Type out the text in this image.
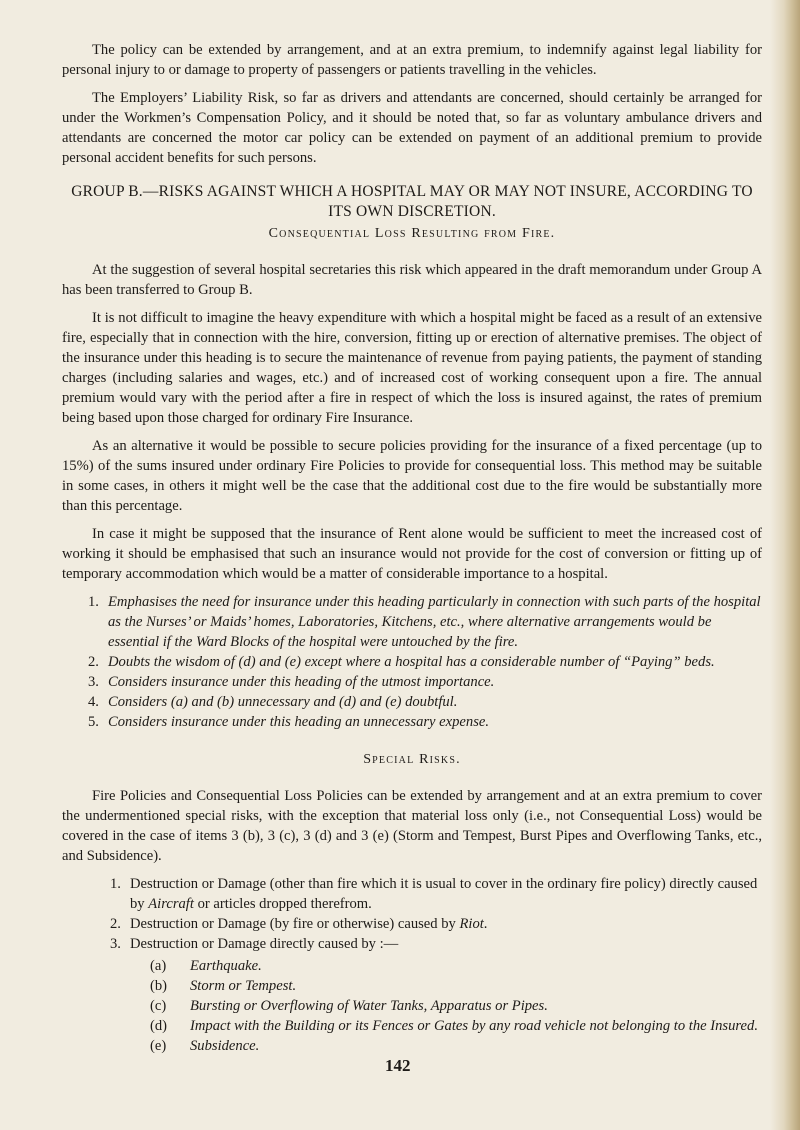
The policy can be extended by arrangement, and at an extra premium, to indemnify against legal liability for personal injury to or damage to property of passengers or patients travelling in the vehicles.

The Employers’ Liability Risk, so far as drivers and attendants are concerned, should certainly be arranged for under the Workmen’s Compensation Policy, and it should be noted that, so far as voluntary ambulance drivers and attendants are concerned the motor car policy can be extended on payment of an additional premium to provide personal accident benefits for such persons.

GROUP B.—RISKS AGAINST WHICH A HOSPITAL MAY OR MAY NOT INSURE, ACCORDING TO ITS OWN DISCRETION.
Consequential Loss Resulting from Fire.

At the suggestion of several hospital secretaries this risk which appeared in the draft memorandum under Group A has been transferred to Group B.

It is not difficult to imagine the heavy expenditure with which a hospital might be faced as a result of an extensive fire, especially that in connection with the hire, conversion, fitting up or erection of alternative premises. The object of the insurance under this heading is to secure the maintenance of revenue from paying patients, the payment of standing charges (including salaries and wages, etc.) and of increased cost of working consequent upon a fire. The annual premium would vary with the period after a fire in respect of which the loss is insured against, the rates of premium being based upon those charged for ordinary Fire Insurance.

As an alternative it would be possible to secure policies providing for the insurance of a fixed percentage (up to 15%) of the sums insured under ordinary Fire Policies to provide for consequential loss. This method may be suitable in some cases, in others it might well be the case that the additional cost due to the fire would be substantially more than this percentage.

In case it might be supposed that the insurance of Rent alone would be sufficient to meet the increased cost of working it should be emphasised that such an insurance would not provide for the cost of conversion or fitting up of temporary accommodation which would be a matter of considerable importance to a hospital.

1. Emphasises the need for insurance under this heading particularly in connection with such parts of the hospital as the Nurses’ or Maids’ homes, Laboratories, Kitchens, etc., where alternative arrangements would be essential if the Ward Blocks of the hospital were untouched by the fire.
2. Doubts the wisdom of (d) and (e) except where a hospital has a considerable number of “Paying” beds.
3. Considers insurance under this heading of the utmost importance.
4. Considers (a) and (b) unnecessary and (d) and (e) doubtful.
5. Considers insurance under this heading an unnecessary expense.
Special Risks.

Fire Policies and Consequential Loss Policies can be extended by arrangement and at an extra premium to cover the undermentioned special risks, with the exception that material loss only (i.e., not Consequential Loss) would be covered in the case of items 3 (b), 3 (c), 3 (d) and 3 (e) (Storm and Tempest, Burst Pipes and Overflowing Tanks, etc., and Subsidence).

1. Destruction or Damage (other than fire which it is usual to cover in the ordinary fire policy) directly caused by Aircraft or articles dropped therefrom.
2. Destruction or Damage (by fire or otherwise) caused by Riot.
3. Destruction or Damage directly caused by :—
(a)	Earthquake.
(b)	Storm or Tempest.
(c)	Bursting or Overflowing of Water Tanks, Apparatus or Pipes.
(d)	Impact with the Building or its Fences or Gates by any road vehicle not belonging to the Insured.
(e)	Subsidence.
142
